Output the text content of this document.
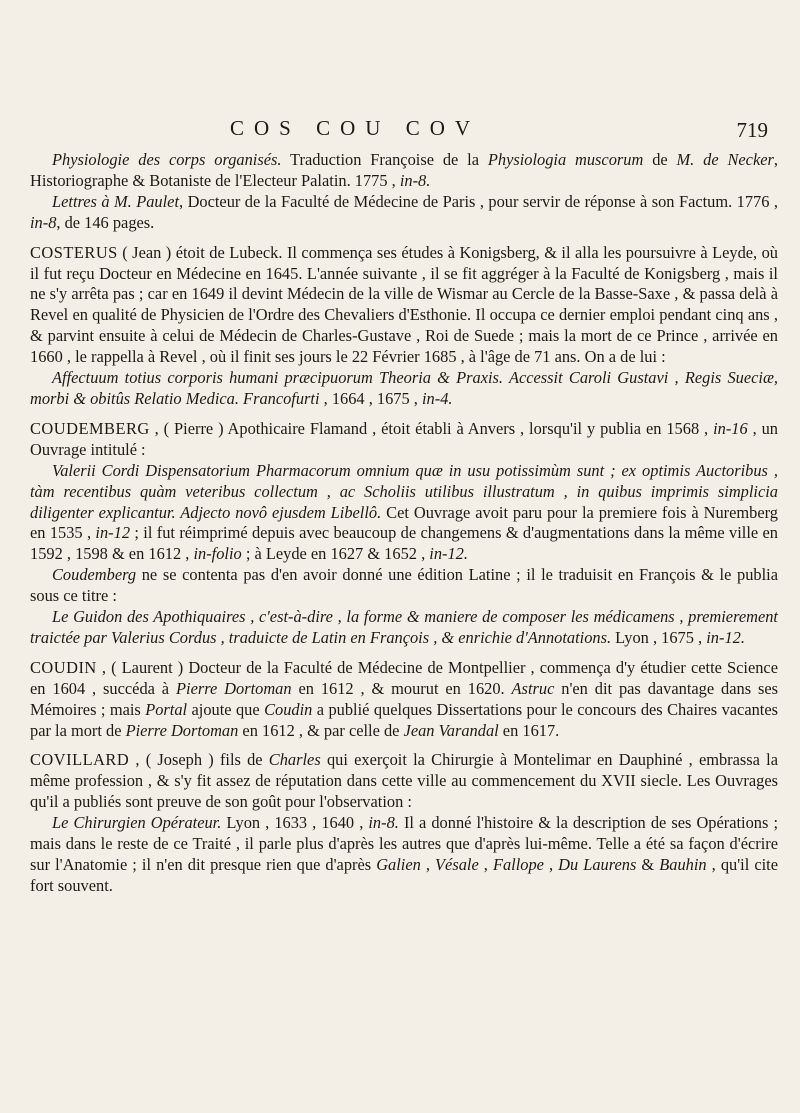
COS COU COV	719

Physiologie des corps organisés. Traduction Françoise de la Physiologia muscorum de M. de Necker, Historiographe & Botaniste de l'Electeur Palatin. 1775 , in-8.

Lettres à M. Paulet, Docteur de la Faculté de Médecine de Paris , pour servir de réponse à son Factum. 1776 , in-8, de 146 pages.

COSTERUS ( Jean ) étoit de Lubeck. Il commença ses études à Konigsberg, & il alla les poursuivre à Leyde, où il fut reçu Docteur en Médecine en 1645. L'année suivante , il se fit aggréger à la Faculté de Konigsberg , mais il ne s'y arrêta pas ; car en 1649 il devint Médecin de la ville de Wismar au Cercle de la Basse-Saxe , & passa delà à Revel en qualité de Physicien de l'Ordre des Chevaliers d'Esthonie. Il occupa ce dernier emploi pendant cinq ans , & parvint ensuite à celui de Médecin de Charles-Gustave , Roi de Suede ; mais la mort de ce Prince , arrivée en 1660 , le rappella à Revel , où il finit ses jours le 22 Février 1685 , à l'âge de 71 ans. On a de lui :

Affectuum totius corporis humani præcipuorum Theoria & Praxis. Accessit Caroli Gustavi , Regis Sueciæ, morbi & obitûs Relatio Medica. Francofurti , 1664 , 1675 , in-4.

COUDEMBERG , ( Pierre ) Apothicaire Flamand , étoit établi à Anvers , lorsqu'il y publia en 1568 , in-16 , un Ouvrage intitulé :

Valerii Cordi Dispensatorium Pharmacorum omnium quæ in usu potissimùm sunt ; ex optimis Auctoribus , tàm recentibus quàm veteribus collectum , ac Scholiis utilibus illustratum , in quibus imprimis simplicia diligenter explicantur. Adjecto novô ejusdem Libellô. Cet Ouvrage avoit paru pour la premiere fois à Nuremberg en 1535 , in-12 ; il fut réimprimé depuis avec beaucoup de changemens & d'augmentations dans la même ville en 1592 , 1598 & en 1612 , in-folio ; à Leyde en 1627 & 1652 , in-12.

Coudemberg ne se contenta pas d'en avoir donné une édition Latine ; il le traduisit en François & le publia sous ce titre :

Le Guidon des Apothiquaires , c'est-à-dire , la forme & maniere de composer les médicamens , premierement traictée par Valerius Cordus , traduicte de Latin en François , & enrichie d'Annotations. Lyon , 1675 , in-12.

COUDIN , ( Laurent ) Docteur de la Faculté de Médecine de Montpellier , commença d'y étudier cette Science en 1604 , succéda à Pierre Dortoman en 1612 , & mourut en 1620. Astruc n'en dit pas davantage dans ses Mémoires ; mais Portal ajoute que Coudin a publié quelques Dissertations pour le concours des Chaires vacantes par la mort de Pierre Dortoman en 1612 , & par celle de Jean Varandal en 1617.

COVILLARD , ( Joseph ) fils de Charles qui exerçoit la Chirurgie à Montelimar en Dauphiné , embrassa la même profession , & s'y fit assez de réputation dans cette ville au commencement du XVII siecle. Les Ouvrages qu'il a publiés sont preuve de son goût pour l'observation :

Le Chirurgien Opérateur. Lyon , 1633 , 1640 , in-8. Il a donné l'histoire & la description de ses Opérations ; mais dans le reste de ce Traité , il parle plus d'après les autres que d'après lui-même. Telle a été sa façon d'écrire sur l'Anatomie ; il n'en dit presque rien que d'après Galien , Vésale , Fallope , Du Laurens & Bauhin , qu'il cite fort souvent.
